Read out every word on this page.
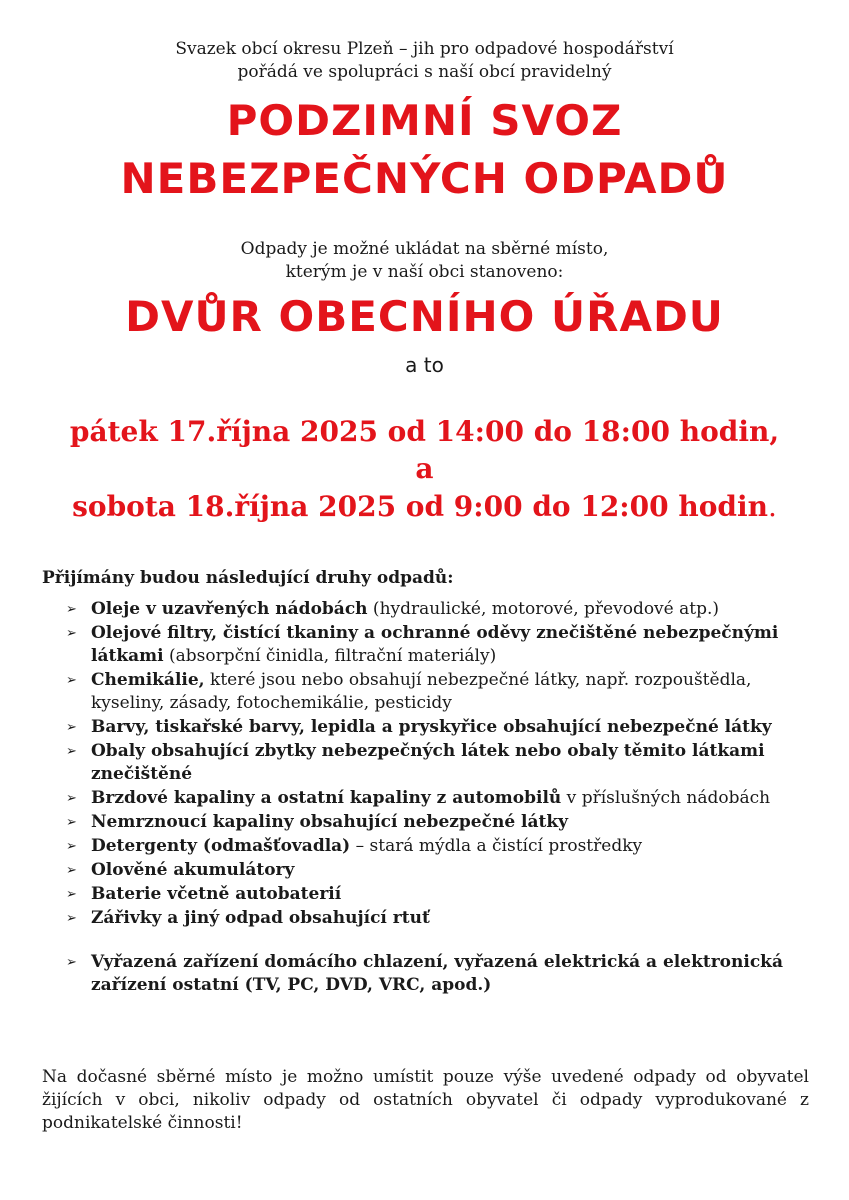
Svazek obcí okresu Plzeň – jih pro odpadové hospodářství
pořádá ve spolupráci s naší obcí pravidelný
PODZIMNÍ SVOZ
NEBEZPEČNÝCH ODPADŮ
Odpady je možné ukládat na sběrné místo,
kterým je v naší obci stanoveno:
DVŮR OBECNÍHO ÚŘADU
a to
pátek 17.října 2025 od 14:00 do 18:00 hodin,
a
sobota 18.října 2025 od 9:00 do 12:00 hodin.
Přijímány budou následující druhy odpadů:
➢ Oleje v uzavřených nádobách (hydraulické, motorové, převodové atp.)
➢ Olejové filtry, čistící tkaniny a ochranné oděvy znečištěné nebezpečnými látkami (absorpční činidla, filtrační materiály)
➢ Chemikálie, které jsou nebo obsahují nebezpečné látky, např. rozpouštědla, kyseliny, zásady, fotochemikálie, pesticidy
➢ Barvy, tiskařské barvy, lepidla a pryskyřice obsahující nebezpečné látky
➢ Obaly obsahující zbytky nebezpečných látek nebo obaly těmito látkami znečištěné
➢ Brzdové kapaliny a ostatní kapaliny z automobilů v příslušných nádobách
➢ Nemrznoucí kapaliny obsahující nebezpečné látky
➢ Detergenty (odmašťovadla) – stará mýdla a čistící prostředky
➢ Olověné akumulátory
➢ Baterie včetně autobaterií
➢ Zářivky a jiný odpad obsahující rtuť
➢ Vyřazená zařízení domácího chlazení, vyřazená elektrická a elektronická zařízení ostatní (TV, PC, DVD, VRC, apod.)
Na dočasné sběrné místo je možno umístit pouze výše uvedené odpady od obyvatel žijících v obci, nikoliv odpady od ostatních obyvatel či odpady vyprodukované z podnikatelské činnosti!
